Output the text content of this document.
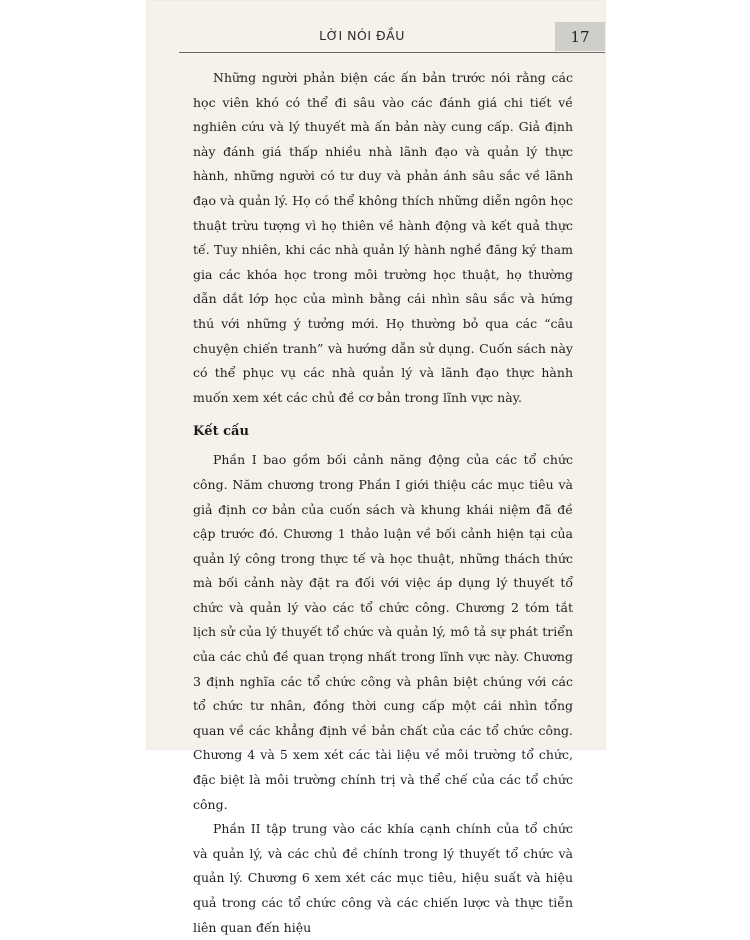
LỜI NÓI ĐẦU	17

Những người phản biện các ấn bản trước nói rằng các học viên khó có thể đi sâu vào các đánh giá chi tiết về nghiên cứu và lý thuyết mà ấn bản này cung cấp. Giả định này đánh giá thấp nhiều nhà lãnh đạo và quản lý thực hành, những người có tư duy và phản ánh sâu sắc về lãnh đạo và quản lý. Họ có thể không thích những diễn ngôn học thuật trừu tượng vì họ thiên về hành động và kết quả thực tế. Tuy nhiên, khi các nhà quản lý hành nghề đăng ký tham gia các khóa học trong môi trường học thuật, họ thường dẫn dắt lớp học của mình bằng cái nhìn sâu sắc và hứng thú với những ý tưởng mới. Họ thường bỏ qua các “câu chuyện chiến tranh” và hướng dẫn sử dụng. Cuốn sách này có thể phục vụ các nhà quản lý và lãnh đạo thực hành muốn xem xét các chủ đề cơ bản trong lĩnh vực này.

Kết cấu

Phần I bao gồm bối cảnh năng động của các tổ chức công. Năm chương trong Phần I giới thiệu các mục tiêu và giả định cơ bản của cuốn sách và khung khái niệm đã đề cập trước đó. Chương 1 thảo luận về bối cảnh hiện tại của quản lý công trong thực tế và học thuật, những thách thức mà bối cảnh này đặt ra đối với việc áp dụng lý thuyết tổ chức và quản lý vào các tổ chức công. Chương 2 tóm tắt lịch sử của lý thuyết tổ chức và quản lý, mô tả sự phát triển của các chủ đề quan trọng nhất trong lĩnh vực này. Chương 3 định nghĩa các tổ chức công và phân biệt chúng với các tổ chức tư nhân, đồng thời cung cấp một cái nhìn tổng quan về các khẳng định về bản chất của các tổ chức công. Chương 4 và 5 xem xét các tài liệu về môi trường tổ chức, đặc biệt là môi trường chính trị và thể chế của các tổ chức công.

Phần II tập trung vào các khía cạnh chính của tổ chức và quản lý, và các chủ đề chính trong lý thuyết tổ chức và quản lý. Chương 6 xem xét các mục tiêu, hiệu suất và hiệu quả trong các tổ chức công và các chiến lược và thực tiễn liên quan đến hiệu
